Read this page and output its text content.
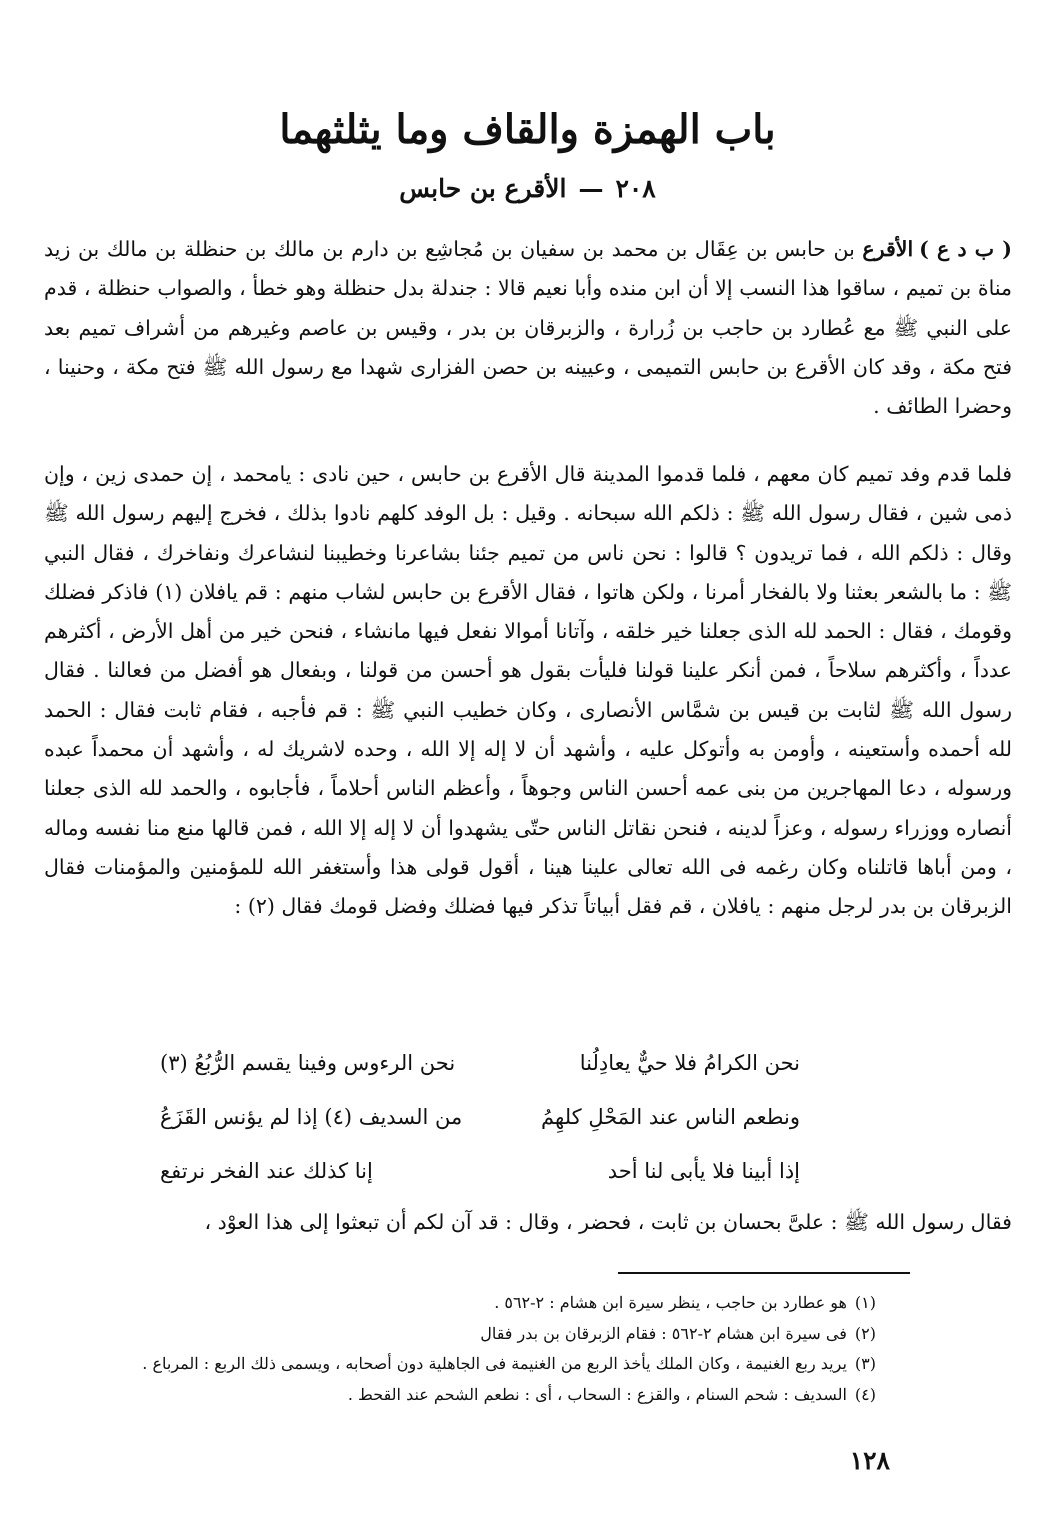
باب الهمزة والقاف وما يثلثهما
۲۰۸—الأقرع بن حابس

( ب د ع )الأقرع بن حابس بن عِقَال بن محمد بن سفيان بن مُجاشِع بن دارم بن مالك بن حنظلة بن مالك بن زيد مناة بن تميم ، ساقوا هذا النسب إلا أن ابن منده وأبا نعيم قالا : جندلة بدل حنظلة وهو خطأ ، والصواب حنظلة ، قدم على النبي ﷺ مع عُطارد بن حاجب بن زُرارة ، والزبرقان بن بدر ، وقيس بن عاصم وغيرهم من أشراف تميم بعد فتح مكة ، وقد كان الأقرع بن حابس التميمى ، وعيينه بن حصن الفزارى شهدا مع رسول الله ﷺ فتح مكة ، وحنينا ، وحضرا الطائف .

فلما قدم وفد تميم كان معهم ، فلما قدموا المدينة قال الأقرع بن حابس ، حين نادى : يامحمد ، إن حمدى زين ، وإن ذمى شين ، فقال رسول الله ﷺ : ذلكم الله سبحانه . وقيل : بل الوفد كلهم نادوا بذلك ، فخرج إليهم رسول الله ﷺ وقال : ذلكم الله ، فما تريدون ؟ قالوا : نحن ناس من تميم جئنا بشاعرنا وخطيبنا لنشاعرك ونفاخرك ، فقال النبي ﷺ : ما بالشعر بعثنا ولا بالفخار أمرنا ، ولكن هاتوا ، فقال الأقرع بن حابس لشاب منهم : قم يافلان (۱) فاذكر فضلك وقومك ، فقال : الحمد لله الذى جعلنا خير خلقه ، وآتانا أموالا نفعل فيها مانشاء ، فنحن خير من أهل الأرض ، أكثرهم عدداً ، وأكثرهم سلاحاً ، فمن أنكر علينا قولنا فليأت بقول هو أحسن من قولنا ، وبفعال هو أفضل من فعالنا . فقال رسول الله ﷺ لثابت بن قيس بن شمَّاس الأنصارى ، وكان خطيب النبي ﷺ : قم فأجبه ، فقام ثابت فقال : الحمد لله أحمده وأستعينه ، وأومن به وأتوكل عليه ، وأشهد أن لا إله إلا الله ، وحده لاشريك له ، وأشهد أن محمداً عبده ورسوله ، دعا المهاجرين من بنى عمه أحسن الناس وجوهاً ، وأعظم الناس أحلاماً ، فأجابوه ، والحمد لله الذى جعلنا أنصاره ووزراء رسوله ، وعزاً لدينه ، فنحن نقاتل الناس حتّى يشهدوا أن لا إله إلا الله ، فمن قالها منع منا نفسه وماله ، ومن أباها قاتلناه وكان رغمه فى الله تعالى علينا هينا ، أقول قولى هذا وأستغفر الله للمؤمنين والمؤمنات فقال الزبرقان بن بدر لرجل منهم : يافلان ، قم فقل أبياتاً تذكر فيها فضلك وفضل قومك فقال (۲) :

نحن الكرامُ فلا حيٌّ يعادِلُنا
نحن الرءوس وفينا يقسم الرُّبُعُ (۳)
ونطعم الناس عند المَحْلِ كلهِمُ
من السديف (٤) إذا لم يؤنس القَزَعُ
إذا أبينا فلا يأبى لنا أحد
إنا كذلك عند الفخر نرتفع

فقال رسول الله ﷺ : علىَّ بحسان بن ثابت ، فحضر ، وقال : قد آن لكم أن تبعثوا إلى هذا العوْد ،

(۱)هو عطارد بن حاجب ، ينظر سيرة ابن هشام : ۲-٥٦۲ .
(۲)فى سيرة ابن هشام ۲-٥٦۲ : فقام الزبرقان بن بدر فقال
(۳)يريد ربع الغنيمة ، وكان الملك يأخذ الربع من الغنيمة فى الجاهلية دون أصحابه ، ويسمى ذلك الربع : المرباع .
(٤)السديف : شحم السنام ، والقزع : السحاب ، أى : نطعم الشحم عند القحط .
۱۲۸
